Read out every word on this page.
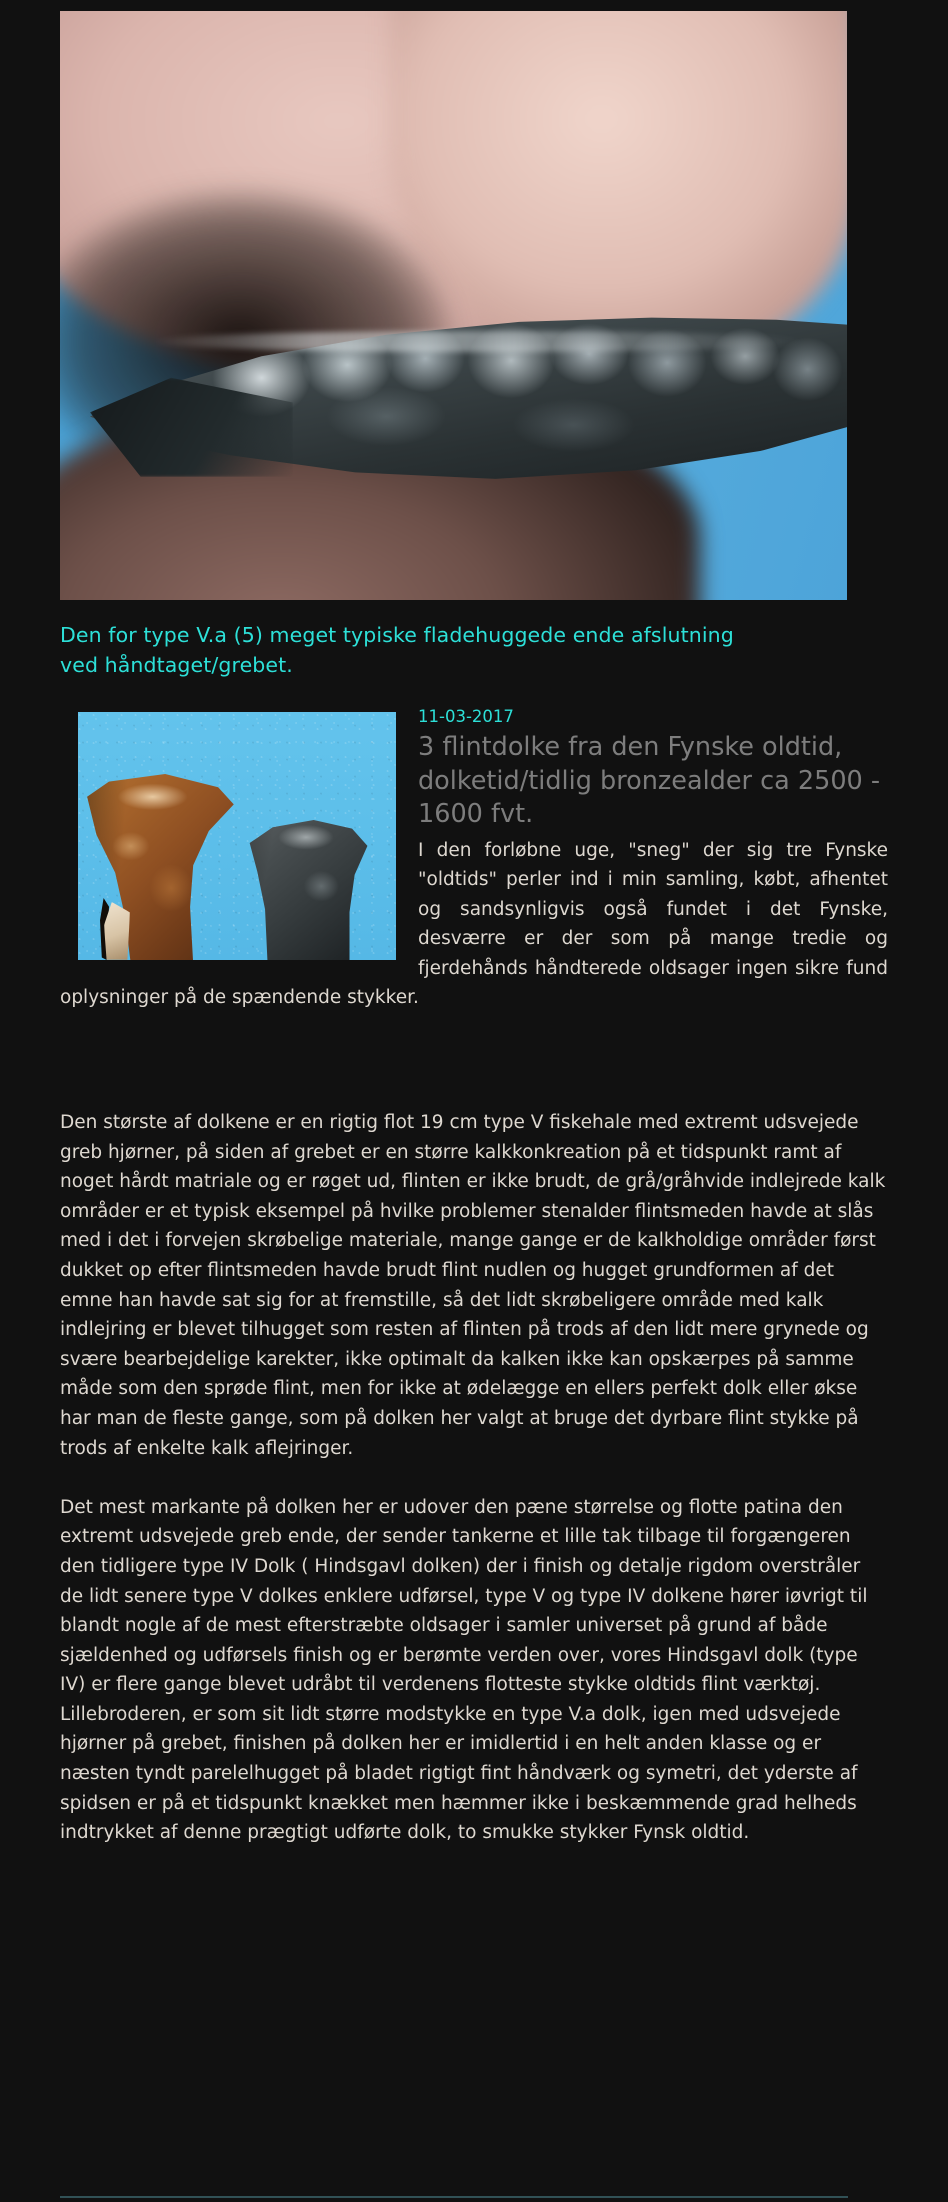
Den for type V.a (5) meget typiske fladehuggede ende afslutning ved håndtaget/grebet.
11-03-2017
3 flintdolke fra den Fynske oldtid, dolketid/tidlig bronzealder ca 2500 - 1600 fvt.

I den forløbne uge, "sneg" der sig tre Fynske "oldtids" perler ind i min samling, købt, afhentet og sandsynligvis også fundet i det Fynske, desværre er der som på mange tredie og fjerdehånds håndterede oldsager ingen sikre fund oplysninger på de spændende stykker.

Den største af dolkene er en rigtig flot 19 cm type V fiskehale med extremt udsvejede greb hjørner, på siden af grebet er en større kalkkonkreation på et tidspunkt ramt af noget hårdt matriale og er røget ud, flinten er ikke brudt, de grå/gråhvide indlejrede kalk områder er et typisk eksempel på hvilke problemer stenalder flintsmeden havde at slås med i det i forvejen skrøbelige materiale, mange gange er de kalkholdige områder først dukket op efter flintsmeden havde brudt flint nudlen og hugget grundformen af det emne han havde sat sig for at fremstille, så det lidt skrøbeligere område med kalk indlejring er blevet tilhugget som resten af flinten på trods af den lidt mere grynede og svære bearbejdelige karekter, ikke optimalt da kalken ikke kan opskærpes på samme måde som den sprøde flint, men for ikke at ødelægge en ellers perfekt dolk eller økse har man de fleste gange, som på dolken her valgt at bruge det dyrbare flint stykke på trods af enkelte kalk aflejringer.

Det mest markante på dolken her er udover den pæne størrelse og flotte patina den extremt udsvejede greb ende, der sender tankerne et lille tak tilbage til forgængeren den tidligere type IV Dolk ( Hindsgavl dolken) der i finish og detalje rigdom overstråler de lidt senere type V dolkes enklere udførsel, type V og type IV dolkene hører iøvrigt til blandt nogle af de mest efterstræbte oldsager i samler universet på grund af både sjældenhed og udførsels finish og er berømte verden over, vores Hindsgavl dolk (type IV) er flere gange blevet udråbt til verdenens flotteste stykke oldtids flint værktøj.

Lillebroderen, er som sit lidt større modstykke en type V.a dolk, igen med udsvejede hjørner på grebet, finishen på dolken her er imidlertid i en helt anden klasse og er næsten tyndt parelelhugget på bladet rigtigt fint håndværk og symetri, det yderste af spidsen er på et tidspunkt knækket men hæmmer ikke i beskæmmende grad helheds indtrykket af denne prægtigt udførte dolk, to smukke stykker Fynsk oldtid.
